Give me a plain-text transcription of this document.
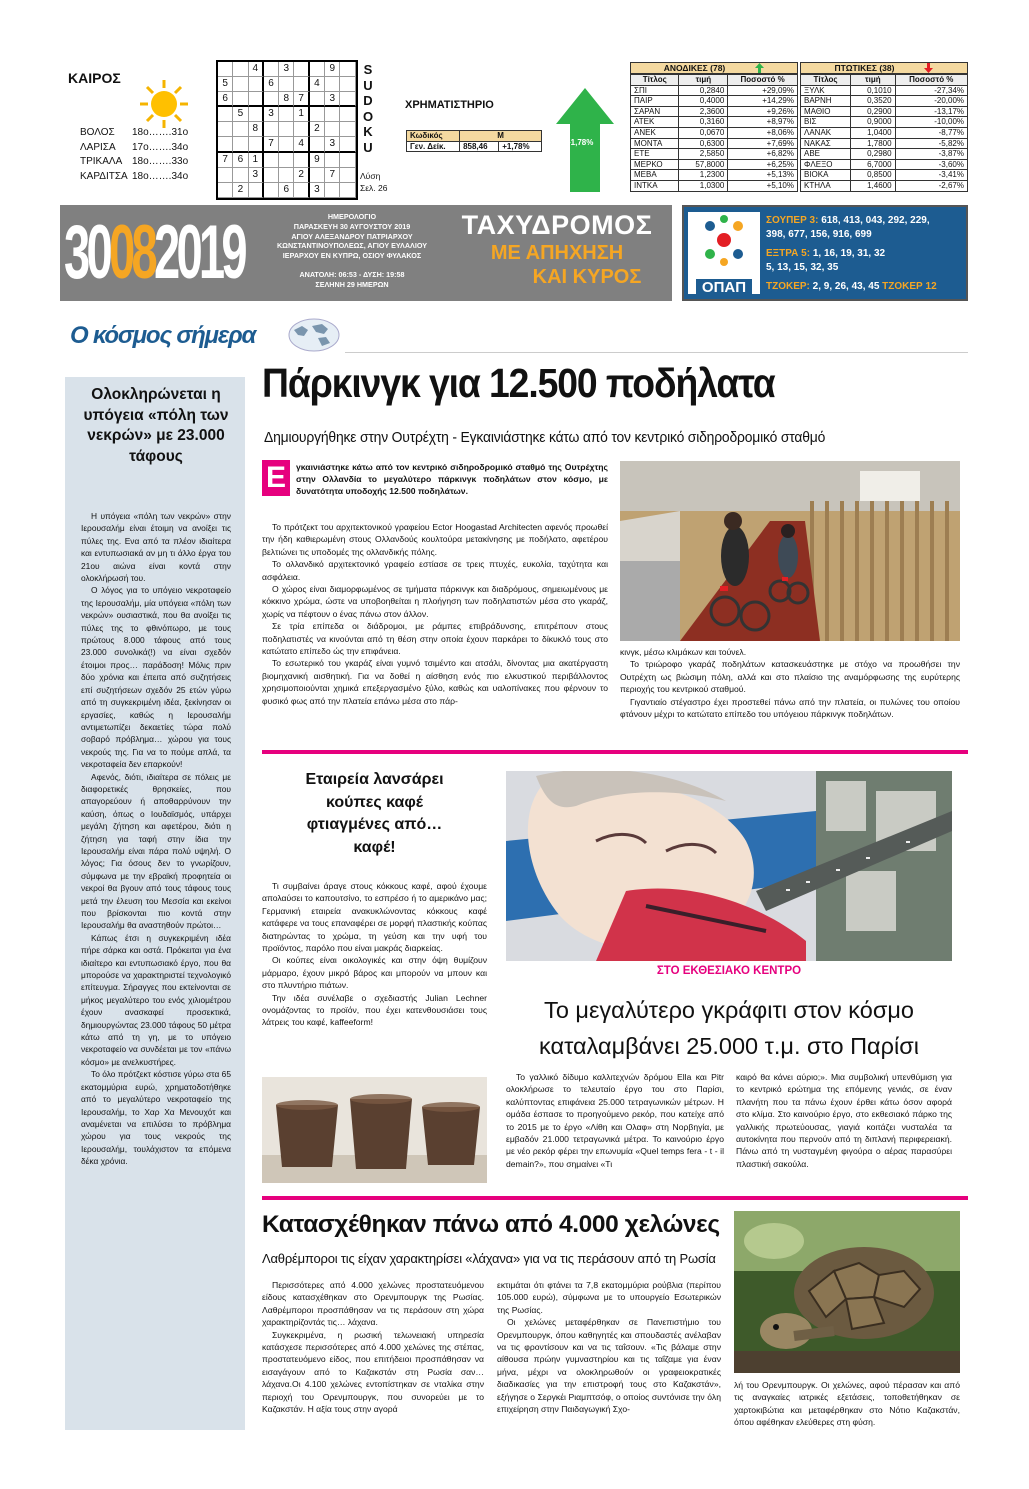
ΚΑΙΡΟΣ
ΒΟΛΟΣ 18ο…….31ο
ΛΑΡΙΣΑ 17ο…….34ο
ΤΡΙΚΑΛΑ 18ο…….33ο
ΚΑΡΔΙΤΣΑ 18ο…….34ο
4	3	9
5	6	4
6	8 7	3
5	3	1
8	2
7	4	3
7 6 1	9
3	2	7
2	6	3
SUDOKU
Λύση
Σελ. 26
ΧΡΗΜΑΤΙΣΤΗΡΙΟ
Κωδικός	Μ	
Γεν. Δείκ.	858,46	+1,78%	+1,78%
ΑΝΟΔΙΚΕΣ (78)
Τίτλος	τιμή	Ποσοστό %
ΣΠΙ	0,2840	+29,09%
ΠΑΙΡ	0,4000	+14,29%
ΣΑΡΑΝ	2,3600	+9,26%
ΑΤΕΚ	0,3160	+8,97%
ΑΝΕΚ	0,0670	+8,06%
ΜΟΝΤΑ	0,6300	+7,69%
ΕΤΕ	2,5850	+6,82%
ΜΕΡΚΟ	57,8000	+6,25%
ΜΕΒΑ	1,2300	+5,13%
ΙΝΤΚΑ	1,0300	+5,10%
ΠΤΩΤΙΚΕΣ (38)
Τίτλος	τιμή	Ποσοστό %
ΞΥΛΚ	0,1010	-27,34%
ΒΑΡΝΗ	0,3520	-20,00%
ΜΑΘΙΟ	0,2900	-13,17%
ΒΙΣ	0,9000	-10,00%
ΛΑΝΑΚ	1,0400	-8,77%
ΝΑΚΑΣ	1,7800	-5,82%
ΑΒΕ	0,2980	-3,87%
ΦΛΕΞΟ	6,7000	-3,60%
ΒΙΟΚΑ	0,8500	-3,41%
ΚΤΗΛΑ	1,4600	-2,67%
30082019	ΗΜΕΡΟΛΟΓΙΟ
ΠΑΡΑΣΚΕΥΗ 30 ΑΥΓΟΥΣΤΟΥ 2019
ΑΓΙΟΥ ΑΛΕΞΑΝΔΡΟΥ ΠΑΤΡΙΑΡΧΟΥ
ΚΩΝΣΤΑΝΤΙΝΟΥΠΟΛΕΩΣ, ΑΓΙΟΥ ΕΥΛΑΛΙΟΥ
ΙΕΡΑΡΧΟΥ ΕΝ ΚΥΠΡΩ, ΟΣΙΟΥ ΦΥΛΑΚΟΣ
ΑΝΑΤΟΛΗ: 06:53 - ΔΥΣΗ: 19:58
ΣΕΛΗΝΗ 29 ΗΜΕΡΩΝ
ΤΑΧΥΔΡΟΜΟΣ
ΜΕ ΑΠΗΧΗΣΗ
ΚΑΙ ΚΥΡΟΣ	ΟΠΑΠ
ΣΟΥΠΕΡ 3: 618, 413, 043, 292, 229,
398, 677, 156, 916, 699
ΕΞΤΡΑ 5: 1, 16, 19, 31, 32
5, 13, 15, 32, 35
ΤΖΟΚΕΡ: 2, 9, 26, 43, 45 ΤΖΟΚΕΡ 12
Ο κόσμος σήμερα
Ολοκληρώνεται η υπόγεια «πόλη των νεκρών» με 23.000 τάφους

Η υπόγεια «πόλη των νεκρών» στην Ιερουσαλήμ είναι έτοιμη να ανοίξει τις πύλες της. Ενα από τα πλέον ιδιαίτερα και εντυπωσιακά αν μη τι άλλο έργα του 21ου αιώνα είναι κοντά στην ολοκλήρωσή του.

Ο λόγος για το υπόγειο νεκροταφείο της Ιερουσαλήμ, μία υπόγεια «πόλη των νεκρών» ουσιαστικά, που θα ανοίξει τις πύλες της το φθινόπωρο, με τους πρώτους 8.000 τάφους από τους 23.000 συνολικά(!) να είναι σχεδόν έτοιμοι προς… παράδοση! Μόλις πριν δύο χρόνια και έπειτα από συζητήσεις επί συζητήσεων σχεδόν 25 ετών γύρω από τη συγκεκριμένη ιδέα, ξεκίνησαν οι εργασίες, καθώς η Ιερουσαλήμ αντιμετωπίζει δεκαετίες τώρα πολύ σοβαρό πρόβλημα… χώρου για τους νεκρούς της. Για να το πούμε απλά, τα νεκροταφεία δεν επαρκούν!

Αφενός, διότι, ιδιαίτερα σε πόλεις με διαφορετικές θρησκείες, που απαγορεύουν ή αποθαρρύνουν την καύση, όπως ο Ιουδαϊσμός, υπάρχει μεγάλη ζήτηση και αφετέρου, διότι η ζήτηση για ταφή στην ίδια την Ιερουσαλήμ είναι πάρα πολύ υψηλή. Ο λόγος; Για όσους δεν το γνωρίζουν, σύμφωνα με την εβραϊκή προφητεία οι νεκροί θα βγουν από τους τάφους τους μετά την έλευση του Μεσσία και εκείνοι που βρίσκονται πιο κοντά στην Ιερουσαλήμ θα αναστηθούν πρώτοι…

Κάπως έτσι η συγκεκριμένη ιδέα πήρε σάρκα και οστά. Πρόκειται για ένα ιδιαίτερο και εντυπωσιακό έργο, που θα μπορούσε να χαρακτηριστεί τεχνολογικό επίτευγμα. Σήραγγες που εκτείνονται σε μήκος μεγαλύτερο του ενός χιλιομέτρου έχουν ανασκαφεί προσεκτικά, δημιουργώντας 23.000 τάφους 50 μέτρα κάτω από τη γη, με το υπόγειο νεκροταφείο να συνδέεται με τον «πάνω κόσμο» με ανελκυστήρες.

Το όλο πρότζεκτ κόστισε γύρω στα 65 εκατομμύρια ευρώ, χρηματοδοτήθηκε από το μεγαλύτερο νεκροταφείο της Ιερουσαλήμ, το Χαρ Χα Μενουχότ και αναμένεται να επιλύσει το πρόβλημα χώρου για τους νεκρούς της Ιερουσαλήμ, τουλάχιστον τα επόμενα δέκα χρόνια.

Πάρκινγκ για 12.500 ποδήλατα
Δημιουργήθηκε στην Ουτρέχτη - Εγκαινιάστηκε κάτω από τον κεντρικό σιδηροδρομικό σταθμό
Ε	γκαινιάστηκε κάτω από τον κεντρικό σιδηροδρομικό σταθμό της Ουτρέχτης στην Ολλανδία το μεγαλύτερο πάρκινγκ ποδηλάτων στον κόσμο, με δυνατότητα υποδοχής 12.500 ποδηλάτων.

Το πρότζεκτ του αρχιτεκτονικού γραφείου Ector Hoogastad Architecten αφενός προωθεί την ήδη καθιερωμένη στους Ολλανδούς κουλτούρα μετακίνησης με ποδήλατο, αφετέρου βελτιώνει τις υποδομές της ολλανδικής πόλης.

Το ολλανδικό αρχιτεκτονικό γραφείο εστίασε σε τρεις πτυχές, ευκολία, ταχύτητα και ασφάλεια.

Ο χώρος είναι διαμορφωμένος σε τμήματα πάρκινγκ και διαδρόμους, σημειωμένους με κόκκινο χρώμα, ώστε να υποβοηθείται η πλοήγηση των ποδηλατιστών μέσα στο γκαράζ, χωρίς να πέφτουν ο ένας πάνω στον άλλον.

Σε τρία επίπεδα οι διάδρομοι, με ράμπες επιβράδυνσης, επιτρέπουν στους ποδηλατιστές να κινούνται από τη θέση στην οποία έχουν παρκάρει το δίκυκλό τους στο κατώτατο επίπεδο ώς την επιφάνεια.

Το εσωτερικό του γκαράζ είναι γυμνό τσιμέντο και ατσάλι, δίνοντας μια ακατέργαστη βιομηχανική αισθητική. Για να δοθεί η αίσθηση ενός πιο ελκυστικού περιβάλλοντος χρησιμοποιούνται χημικά επεξεργασμένο ξύλο, καθώς και υαλοπίνακες που φέρνουν το φυσικό φως από την πλατεία επάνω μέσα στο πάρ-

κινγκ, μέσω κλιμάκων και τούνελ.

Το τριώροφο γκαράζ ποδηλάτων κατασκευάστηκε με στόχο να προωθήσει την Ουτρέχτη ως βιώσιμη πόλη, αλλά και στο πλαίσιο της αναμόρφωσης της ευρύτερης περιοχής του κεντρικού σταθμού.

Γιγαντιαίο στέγαστρο έχει προστεθεί πάνω από την πλατεία, οι πυλώνες του οποίου φτάνουν μέχρι το κατώτατο επίπεδο του υπόγειου πάρκινγκ ποδηλάτων.

Εταιρεία λανσάρει κούπες καφέ φτιαγμένες από… καφέ!

Τι συμβαίνει άραγε στους κόκκους καφέ, αφού έχουμε απολαύσει το καπουτσίνο, το εσπρέσο ή το αμερικάνο μας; Γερμανική εταιρεία ανακυκλώνοντας κόκκους καφέ κατάφερε να τους επαναφέρει σε μορφή πλαστικής κούπας διατηρώντας το χρώμα, τη γεύση και την υφή του προϊόντος, παρόλο που είναι μακράς διαρκείας.

Οι κούπες είναι οικολογικές και στην όψη θυμίζουν μάρμαρο, έχουν μικρό βάρος και μπορούν να μπουν και στο πλυντήριο πιάτων.

Την ιδέα συνέλαβε ο σχεδιαστής Julian Lechner ονομάζοντας το προϊόν, που έχει κατενθουσιάσει τους λάτρεις του καφέ, kaffeeform!

ΣΤΟ ΕΚΘΕΣΙΑΚΟ ΚΕΝΤΡΟ
Το μεγαλύτερο γκράφιτι στον κόσμο
καταλαμβάνει 25.000 τ.μ. στο Παρίσι
Το γαλλικό δίδυμο καλλιτεχνών δρόμου Ella και Pitr ολοκλήρωσε το τελευταίο έργο του στο Παρίσι, καλύπτοντας επιφάνεια 25.000 τετραγωνικών μέτρων. Η ομάδα έσπασε το προηγούμενο ρεκόρ, που κατείχε από το 2015 με το έργο «Λίθη και Ολαφ» στη Νορβηγία, με εμβαδόν 21.000 τετραγωνικά μέτρα. Το καινούριο έργο με νέο ρεκόρ φέρει την επωνυμία «Quel temps fera - t - il demain?», που σημαίνει «Τι
καιρό θα κάνει αύριο;». Μια συμβολική υπενθύμιση για το κεντρικό ερώτημα της επόμενης γενιάς, σε έναν πλανήτη που τα πάνω έχουν έρθει κάτω όσον αφορά στο κλίμα. Στο καινούριο έργο, στο εκθεσιακό πάρκο της γαλλικής πρωτεύουσας, γιαγιά κοιτάζει νυσταλέα τα αυτοκίνητα που περνούν από τη διπλανή περιφερειακή. Πάνω από τη νυσταγμένη φιγούρα ο αέρας παρασύρει πλαστική σακούλα.
Κατασχέθηκαν πάνω από 4.000 χελώνες
Λαθρέμποροι τις είχαν χαρακτηρίσει «λάχανα» για να τις περάσουν από τη Ρωσία

Περισσότερες από 4.000 χελώνες προστατευόμενου είδους κατασχέθηκαν στο Ορενμπουργκ της Ρωσίας. Λαθρέμποροι προσπάθησαν να τις περάσουν στη χώρα χαρακτηρίζοντάς τις… λάχανα.

Συγκεκριμένα, η ρωσική τελωνειακή υπηρεσία κατάσχεσε περισσότερες από 4.000 χελώνες της στέπας, προστατευόμενο είδος, που επιτήδειοι προσπάθησαν να εισαγάγουν από το Καζακστάν στη Ρωσία σαν… λάχανα.Οι 4.100 χελώνες εντοπίστηκαν σε νταλίκα στην περιοχή του Ορενμπουργκ, που συνορεύει με το Καζακστάν. Η αξία τους στην αγορά

εκτιμάται ότι φτάνει τα 7,8 εκατομμύρια ρούβλια (περίπου 105.000 ευρώ), σύμφωνα με το υπουργείο Εσωτερικών της Ρωσίας.

Οι χελώνες μεταφέρθηκαν σε Πανεπιστήμιο του Ορενμπουργκ, όπου καθηγητές και σπουδαστές ανέλαβαν να τις φροντίσουν και να τις ταΐσουν. «Τις βάλαμε στην αίθουσα πρώην γυμναστηρίου και τις ταΐζαμε για έναν μήνα, μέχρι να ολοκληρωθούν οι γραφειοκρατικές διαδικασίες για την επιστροφή τους στο Καζακστάν», εξήγησε ο Σεργκέι Ριαμπτσόφ, ο οποίος συντόνισε την όλη επιχείρηση στην Παιδαγωγική Σχο-

λή του Ορενμπουργκ. Οι χελώνες, αφού πέρασαν και από τις αναγκαίες ιατρικές εξετάσεις, τοποθετήθηκαν σε χαρτοκιβώτια και μεταφέρθηκαν στο Νότιο Καζακστάν, όπου αφέθηκαν ελεύθερες στη φύση.
